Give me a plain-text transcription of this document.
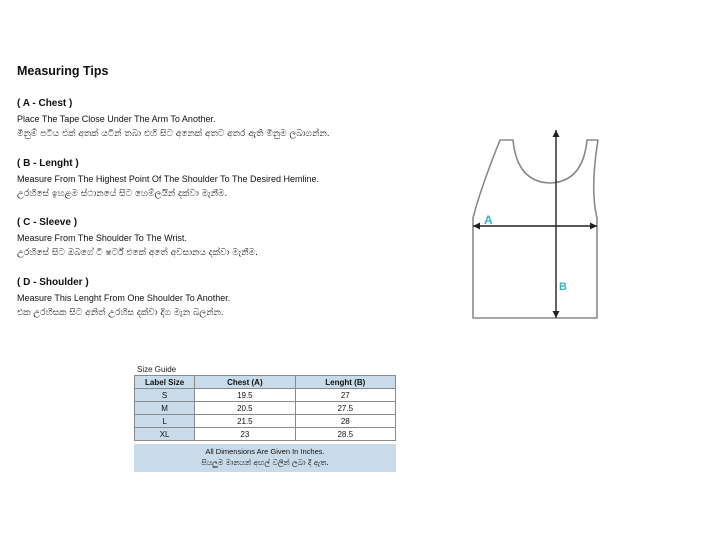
Measuring Tips

( A - Chest )

Place The Tape Close Under The Arm To Another.

මිනුම් පටිය එක් අතක් යටින් තබා එහි සිට අනෙක් අතට අතර ඇති මිනුම ලබාගන්න.

( B - Lenght )

Measure From The Highest Point Of The Shoulder To The Desired Hemline.

උරහිසේ ඉහළම ස්ථානයේ සිට හෙම්ලයින් දක්වා මැනීම.

( C - Sleeve )

Measure From The Shoulder To The Wrist.

උරහිසේ සිට ඔබගේ ටී ෂර්ට් එකේ අතේ අවසානය දක්වා මැනීම.

( D - Shoulder )

Measure This Lenght From One Shoulder To Another.

එක උරහිසක සිට අනිත් උරහිස දක්වා දිග මැන බලන්න.

A
B
Size Guide
Label Size	Chest (A)	Lenght (B)
S	19.5	27
M	20.5	27.5
L	21.5	28
XL	23	28.5
All Dimensions Are Given In Inches.
සියලුම මානයන් අඟල් වලින් ලබා දී ඇත.
